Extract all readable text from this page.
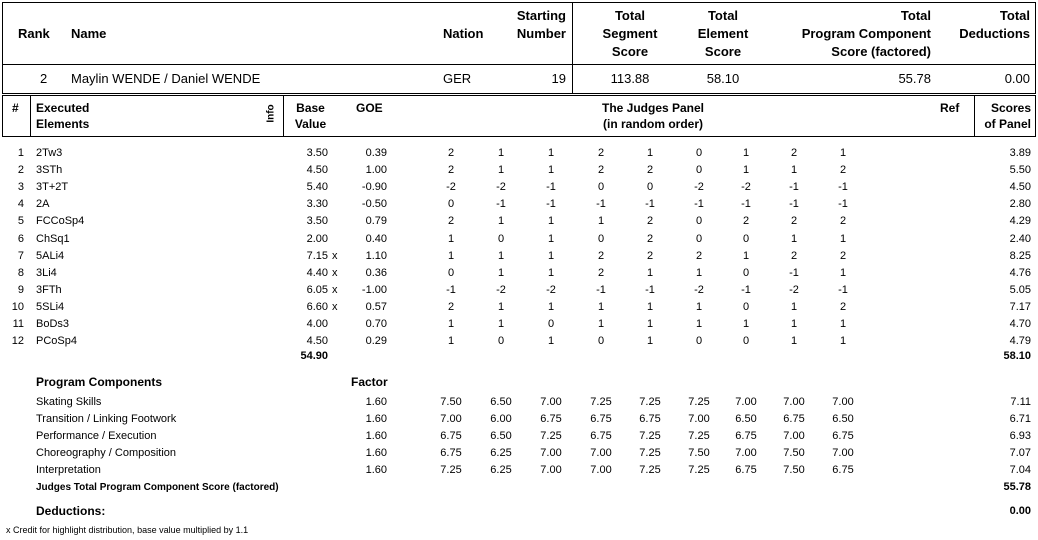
Rank Name	Nation
Starting
Number
Total
Segment
Score
Total
Element
Score
Total
Program Component
Score (factored)
Total
Deductions
2 Maylin WENDE / Daniel WENDE	GER	19	113.88	58.10	55.78	0.00
# Executed
Elements
Info	Base
Value
GOE	The Judges Panel
(in random order)
Ref	Scores
of Panel
1 2Tw3	3.50	0.39	2	1	1	2	1	0	1	2	1	3.89
2 3STh	4.50	1.00	2	1	1	2	2	0	1	1	2	5.50
3 3T+2T	5.40	-0.90	-2	-2	-1	0	0	-2	-2	-1	-1	4.50
4 2A	3.30	-0.50	0	-1	-1	-1	-1	-1	-1	-1	-1	2.80
5 FCCoSp4	3.50	0.79	2	1	1	1	2	0	2	2	2	4.29
6 ChSq1	2.00	0.40	1	0	1	0	2	0	0	1	1	2.40
7 5ALi4	7.15 x	1.10	1	1	1	2	2	2	1	2	2	8.25
8 3Li4	4.40 x	0.36	0	1	1	2	1	1	0	-1	1	4.76
9 3FTh	6.05 x	-1.00	-1	-2	-2	-1	-1	-2	-1	-2	-1	5.05
10 5SLi4	6.60 x	0.57	2	1	1	1	1	1	0	1	2	7.17
11 BoDs3	4.00	0.70	1	1	0	1	1	1	1	1	1	4.70
12 PCoSp4	4.50	0.29	1	0	1	0	1	0	0	1	1	4.79
54.90	58.10
Program Components	Factor
Skating Skills	1.60	7.50	6.50	7.00	7.25	7.25	7.25	7.00	7.00	7.00	7.11
Transition / Linking Footwork	1.60	7.00	6.00	6.75	6.75	6.75	7.00	6.50	6.75	6.50	6.71
Performance / Execution	1.60	6.75	6.50	7.25	6.75	7.25	7.25	6.75	7.00	6.75	6.93
Choreography / Composition	1.60	6.75	6.25	7.00	7.00	7.25	7.50	7.00	7.50	7.00	7.07
Interpretation	1.60	7.25	6.25	7.00	7.00	7.25	7.25	6.75	7.50	6.75	7.04
Judges Total Program Component Score (factored)	55.78
Deductions:	0.00
x Credit for highlight distribution, base value multiplied by 1.1
